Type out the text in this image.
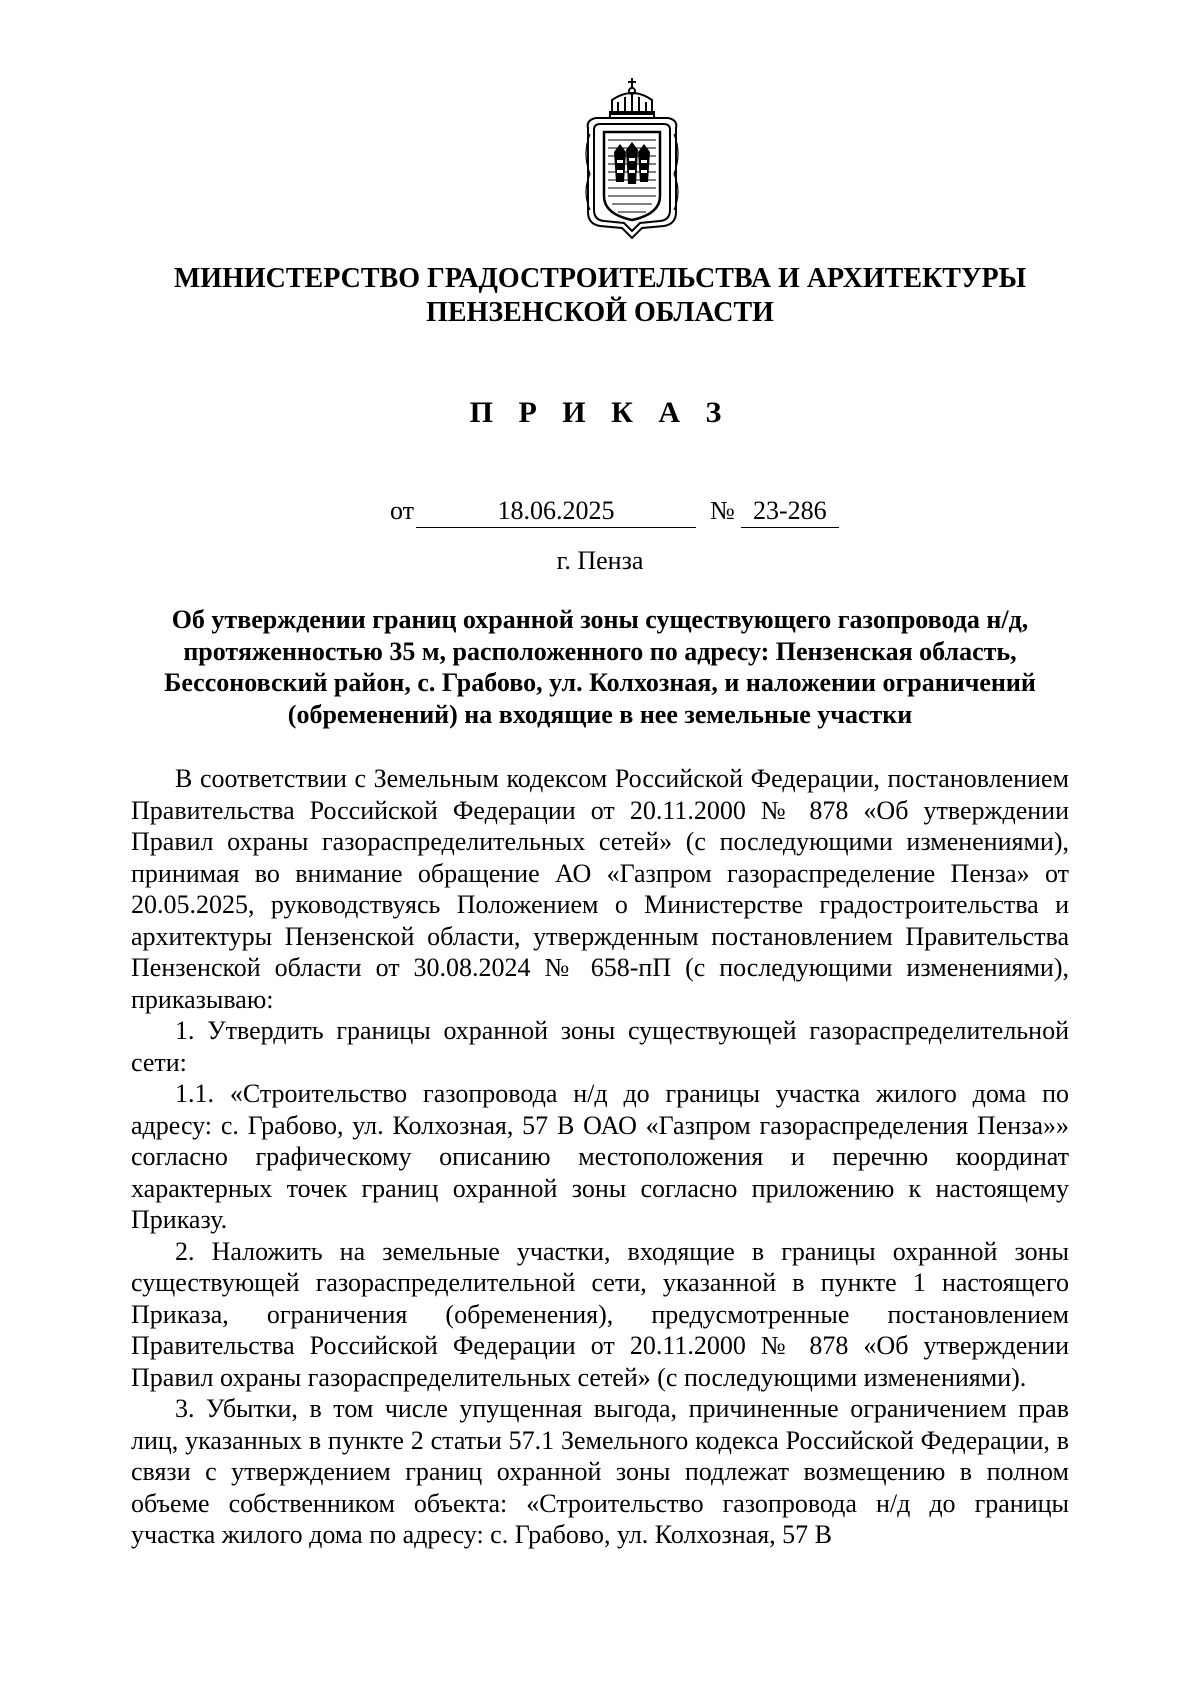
МИНИСТЕРСТВО ГРАДОСТРОИТЕЛЬСТВА И АРХИТЕКТУРЫ
ПЕНЗЕНСКОЙ ОБЛАСТИ
П Р И К А З
от	18.06.2025	№ 23-286
г. Пенза
Об утверждении границ охранной зоны существующего газопровода н/д, протяженностью 35 м, расположенного по адресу: Пензенская область, Бессоновский район, с. Грабово, ул. Колхозная, и наложении ограничений (обременений) на входящие в нее земельные участки

В соответствии с Земельным кодексом Российской Федерации, постановлением Правительства Российской Федерации от 20.11.2000 № 878 «Об утверждении Правил охраны газораспределительных сетей» (с последующими изменениями), принимая во внимание обращение АО «Газпром газораспределение Пенза» от 20.05.2025, руководствуясь Положением о Министерстве градостроительства и архитектуры Пензенской области, утвержденным постановлением Правительства Пензенской области от 30.08.2024 № 658-пП (с последующими изменениями), приказываю:

1. Утвердить границы охранной зоны существующей газораспределительной сети:

1.1. «Строительство газопровода н/д до границы участка жилого дома по адресу: с. Грабово, ул. Колхозная, 57 В ОАО «Газпром газораспределения Пенза»» согласно графическому описанию местоположения и перечню координат характерных точек границ охранной зоны согласно приложению к настоящему Приказу.

2. Наложить на земельные участки, входящие в границы охранной зоны существующей газораспределительной сети, указанной в пункте 1 настоящего Приказа, ограничения (обременения), предусмотренные постановлением Правительства Российской Федерации от 20.11.2000 № 878 «Об утверждении Правил охраны газораспределительных сетей» (с последующими изменениями).

3. Убытки, в том числе упущенная выгода, причиненные ограничением прав лиц, указанных в пункте 2 статьи 57.1 Земельного кодекса Российской Федерации, в связи с утверждением границ охранной зоны подлежат возмещению в полном объеме собственником объекта: «Строительство газопровода н/д до границы участка жилого дома по адресу: с. Грабово, ул. Колхозная, 57 В
